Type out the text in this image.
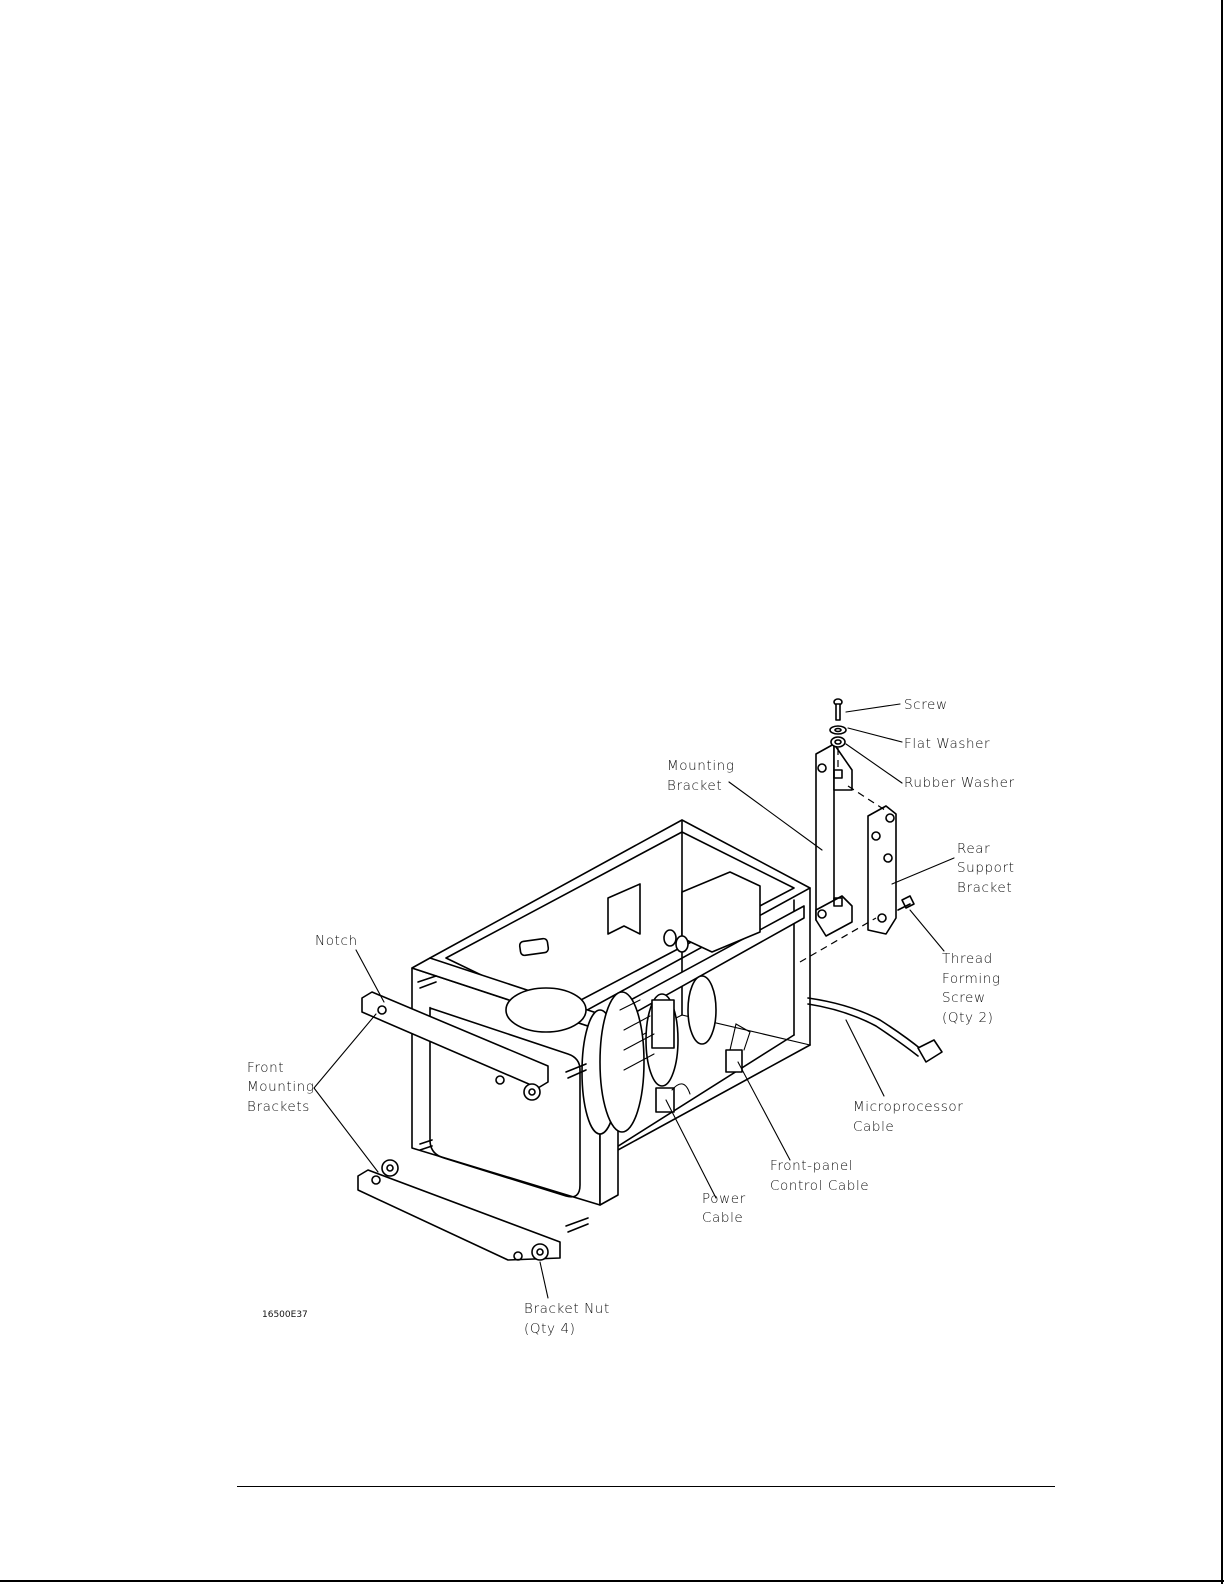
Screw
Flat Washer
Rubber Washer
Mounting
Bracket
Rear
Support
Bracket
Thread
Forming
Screw
(Qty 2)
Notch
Front
Mounting
Brackets	Microprocessor
Cable
Front-panel
Control Cable
Power
Cable
Bracket Nut
(Qty 4)
16500E37
